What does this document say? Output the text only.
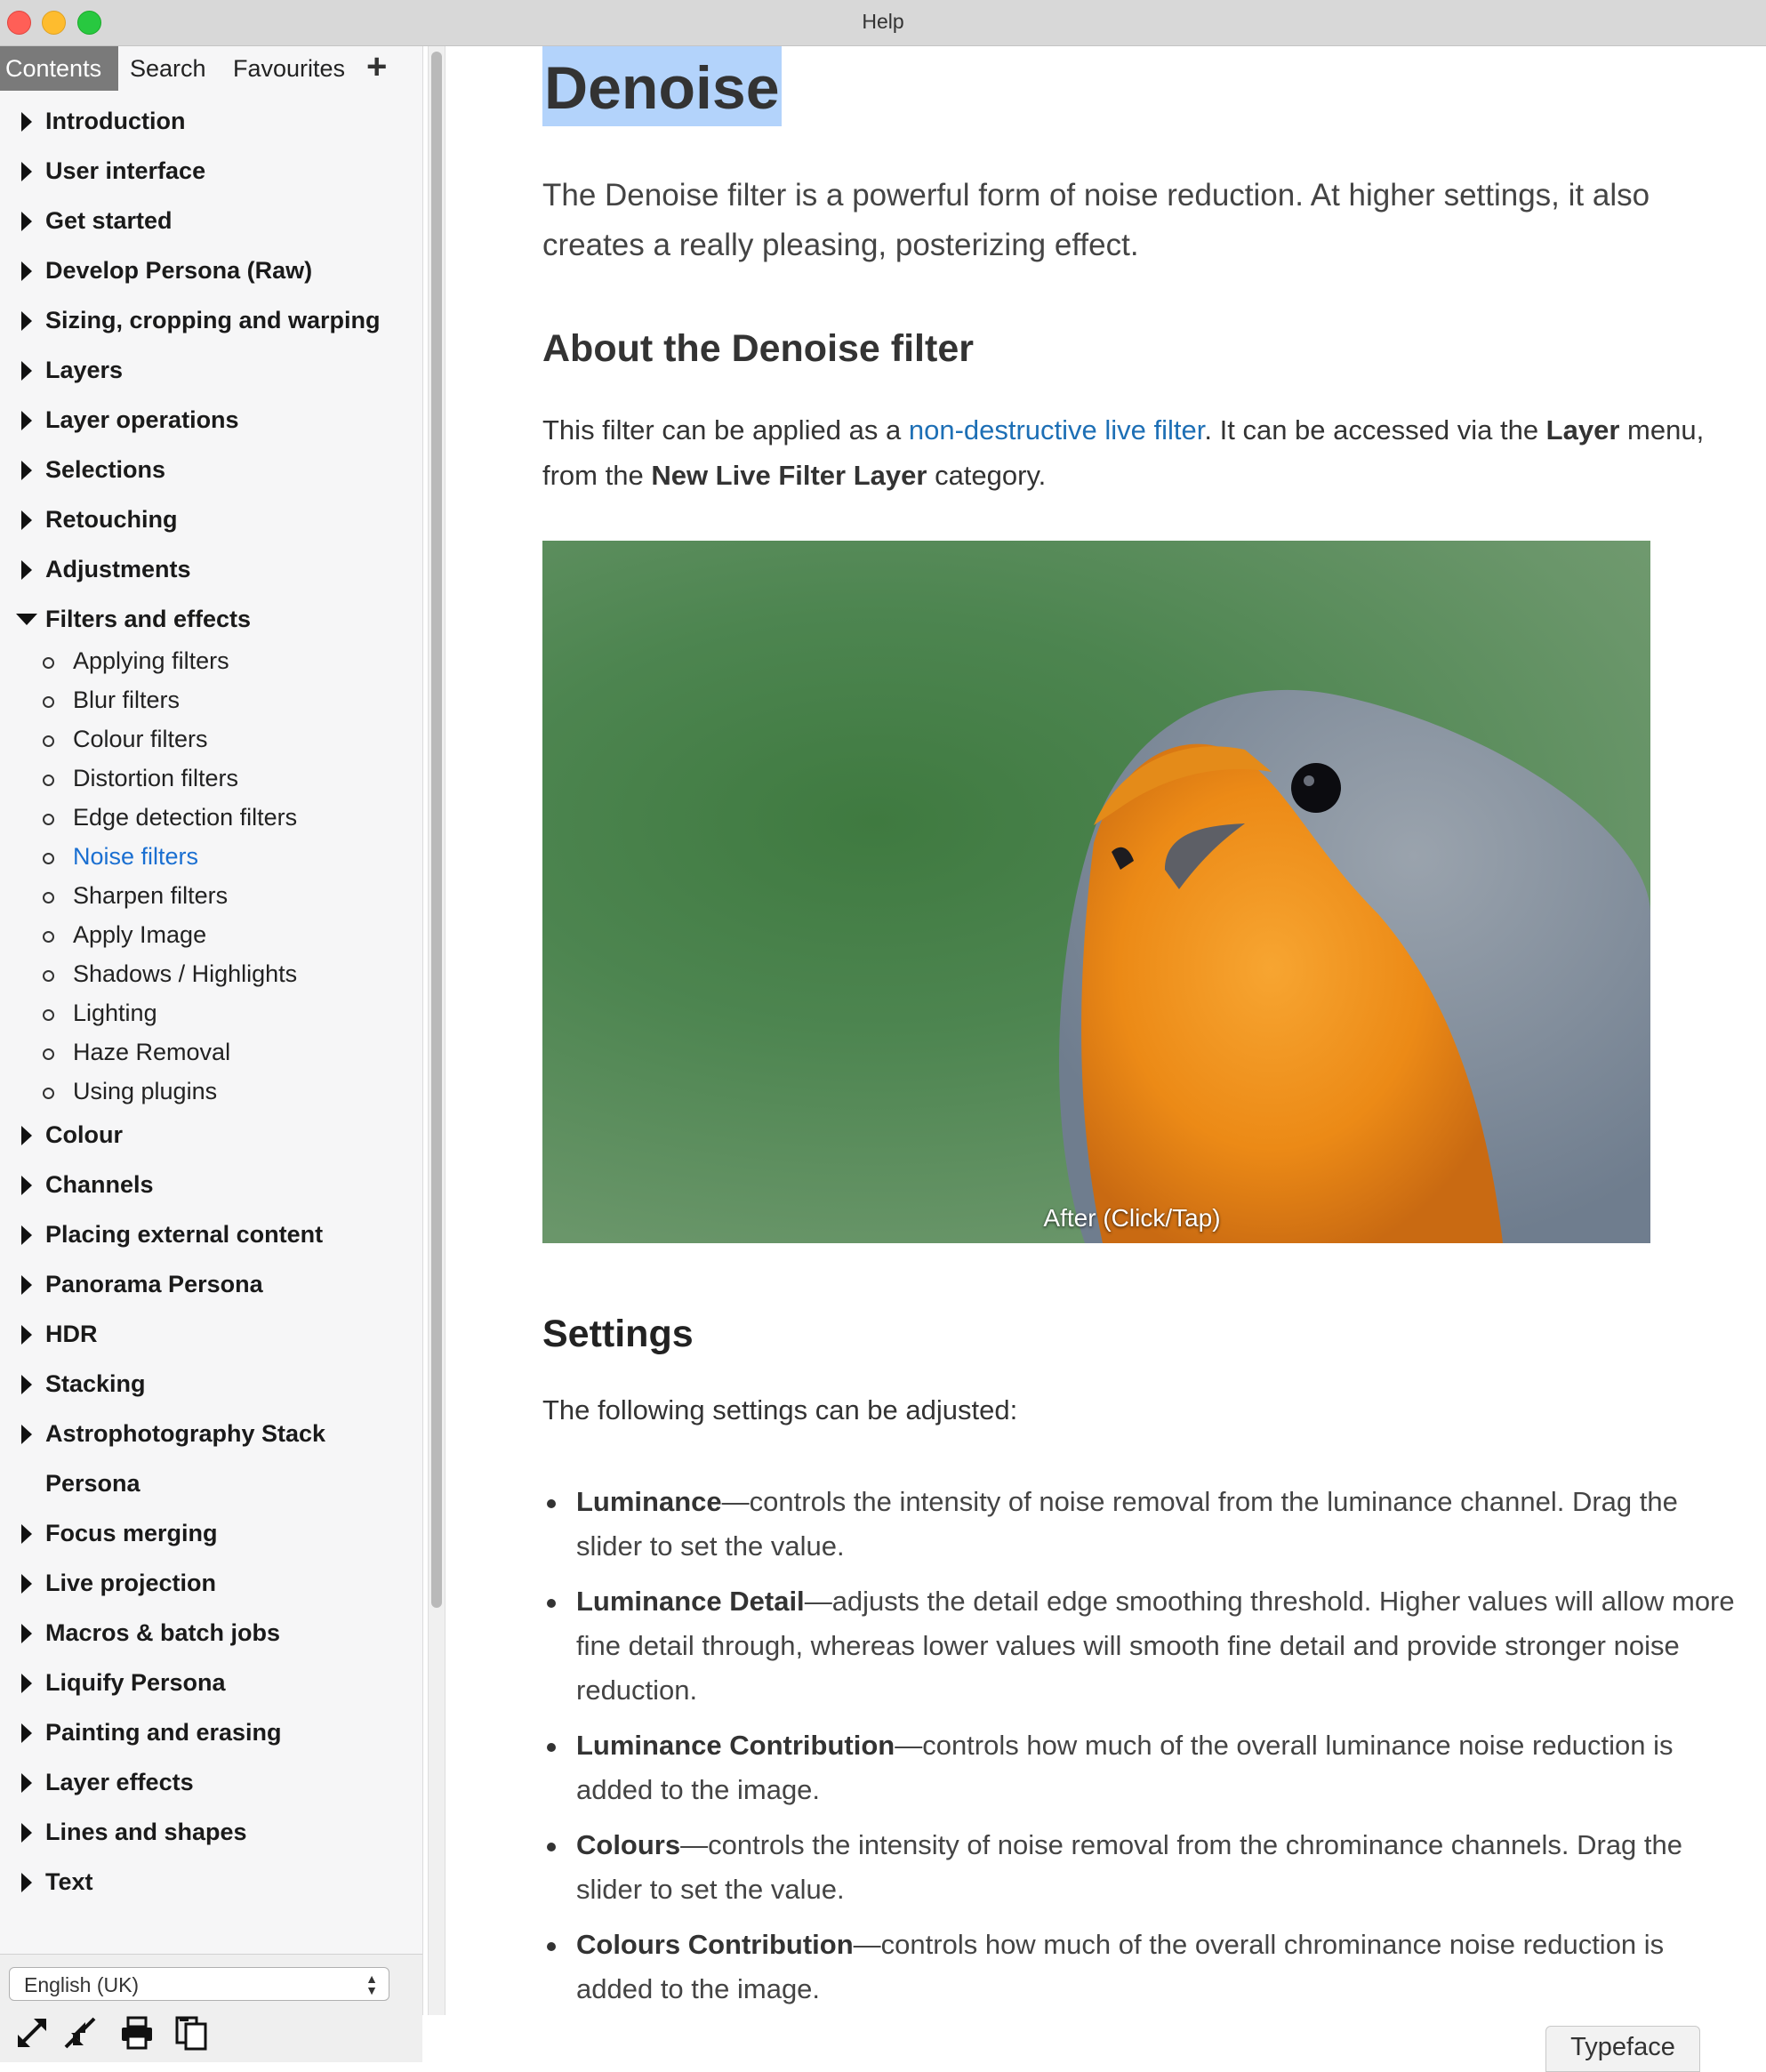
Help
Contents	Search Favourites +
Introduction
User interface
Get started
Develop Persona (Raw)
Sizing, cropping and warping
Layers
Layer operations
Selections
Retouching
Adjustments
Filters and effects
Applying filters
Blur filters
Colour filters
Distortion filters
Edge detection filters
Noise filters
Sharpen filters
Apply Image
Shadows / Highlights
Lighting
Haze Removal
Using plugins
Colour
Channels
Placing external content
Panorama Persona
HDR
Stacking
Astrophotography Stack
Persona
Focus merging
Live projection
Macros & batch jobs
Liquify Persona
Painting and erasing
Layer effects
Lines and shapes
Text
English (UK)	▲
▼
Denoise
The Denoise filter is a powerful form of noise reduction. At higher settings, it also creates a really pleasing, posterizing effect.
About the Denoise filter
This filter can be applied as a non-destructive live filter. It can be accessed via the Layer menu, from the New Live Filter Layer category.
After (Click/Tap)
Settings
The following settings can be adjusted:
Luminance—controls the intensity of noise removal from the luminance channel. Drag the slider to set the value.
Luminance Detail—adjusts the detail edge smoothing threshold. Higher values will allow more fine detail through, whereas lower values will smooth fine detail and provide stronger noise reduction.
Luminance Contribution—controls how much of the overall luminance noise reduction is added to the image.
Colours—controls the intensity of noise removal from the chrominance channels. Drag the slider to set the value.
Colours Contribution—controls how much of the overall chrominance noise reduction is added to the image.
Typeface
